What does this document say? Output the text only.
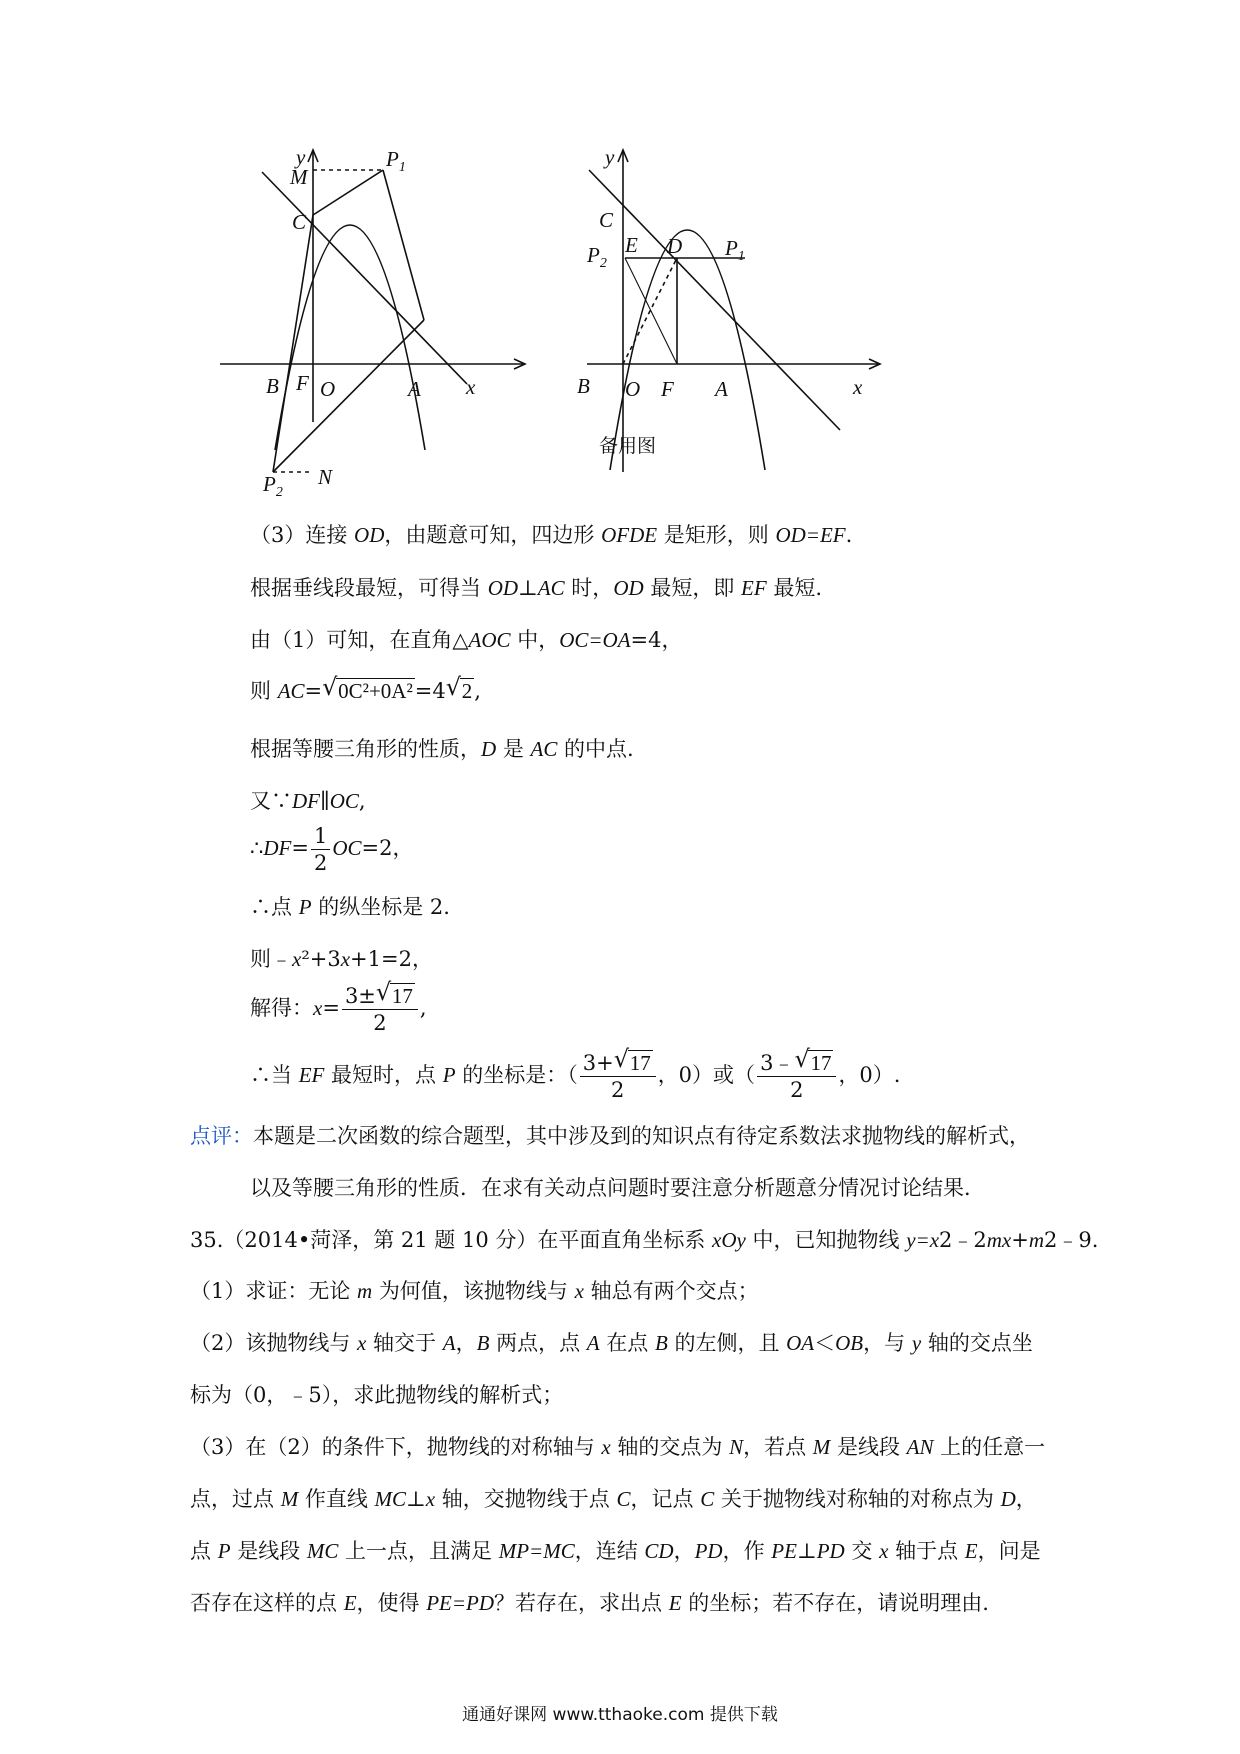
y
x
M
$P_1$
C
B O	A
F
$P_2$
N
y
x
C
E D $P_1$
$P_2$
B O F A
备用图
（3）连接 OD，由题意可知，四边形 OFDE 是矩形，则 OD=EF.
根据垂线段最短，可得当 OD⊥AC 时，OD 最短，即 EF 最短.
由（1）可知，在直角△AOC 中，OC=OA=4，
则 AC= √ 0C²+0A²=4 √ 2,
根据等腰三角形的性质，D 是 AC 的中点.
又∵DF∥OC,
∴DF= $\frac{1}{2} OC=2$，
∴点 P 的纵坐标是 2.
则﹣x²+3x+1=2，
解得：$x= \frac{3\pm √ 17}{2}$ ,
∴当 EF 最短时，点 P 的坐标是：（ $\frac{3+ √ 17}{2}$ ，0）或（ $\frac{3﹣ √ 17}{2}$ ，0）.
点评：本题是二次函数的综合题型，其中涉及到的知识点有待定系数法求抛物线的解析式，
以及等腰三角形的性质．在求有关动点问题时要注意分析题意分情况讨论结果．
35.（2014•菏泽，第 21 题 10 分）在平面直角坐标系 xOy 中，已知抛物线 y=x2﹣2mx+m2﹣9.
（1）求证：无论 m 为何值，该抛物线与 x 轴总有两个交点；
（2）该抛物线与 x 轴交于 A，B 两点，点 A 在点 B 的左侧，且 OA＜OB，与 y 轴的交点坐
标为（0，﹣5），求此抛物线的解析式；
（3）在（2）的条件下，抛物线的对称轴与 x 轴的交点为 N，若点 M 是线段 AN 上的任意一
点，过点 M 作直线 MC⊥x 轴，交抛物线于点 C，记点 C 关于抛物线对称轴的对称点为 D，
点 P 是线段 MC 上一点，且满足 MP=MC，连结 CD，PD，作 PE⊥PD 交 x 轴于点 E，问是
否存在这样的点 E，使得 PE=PD？若存在，求出点 E 的坐标；若不存在，请说明理由.
通通好课网 www.tthaoke.com 提供下载
